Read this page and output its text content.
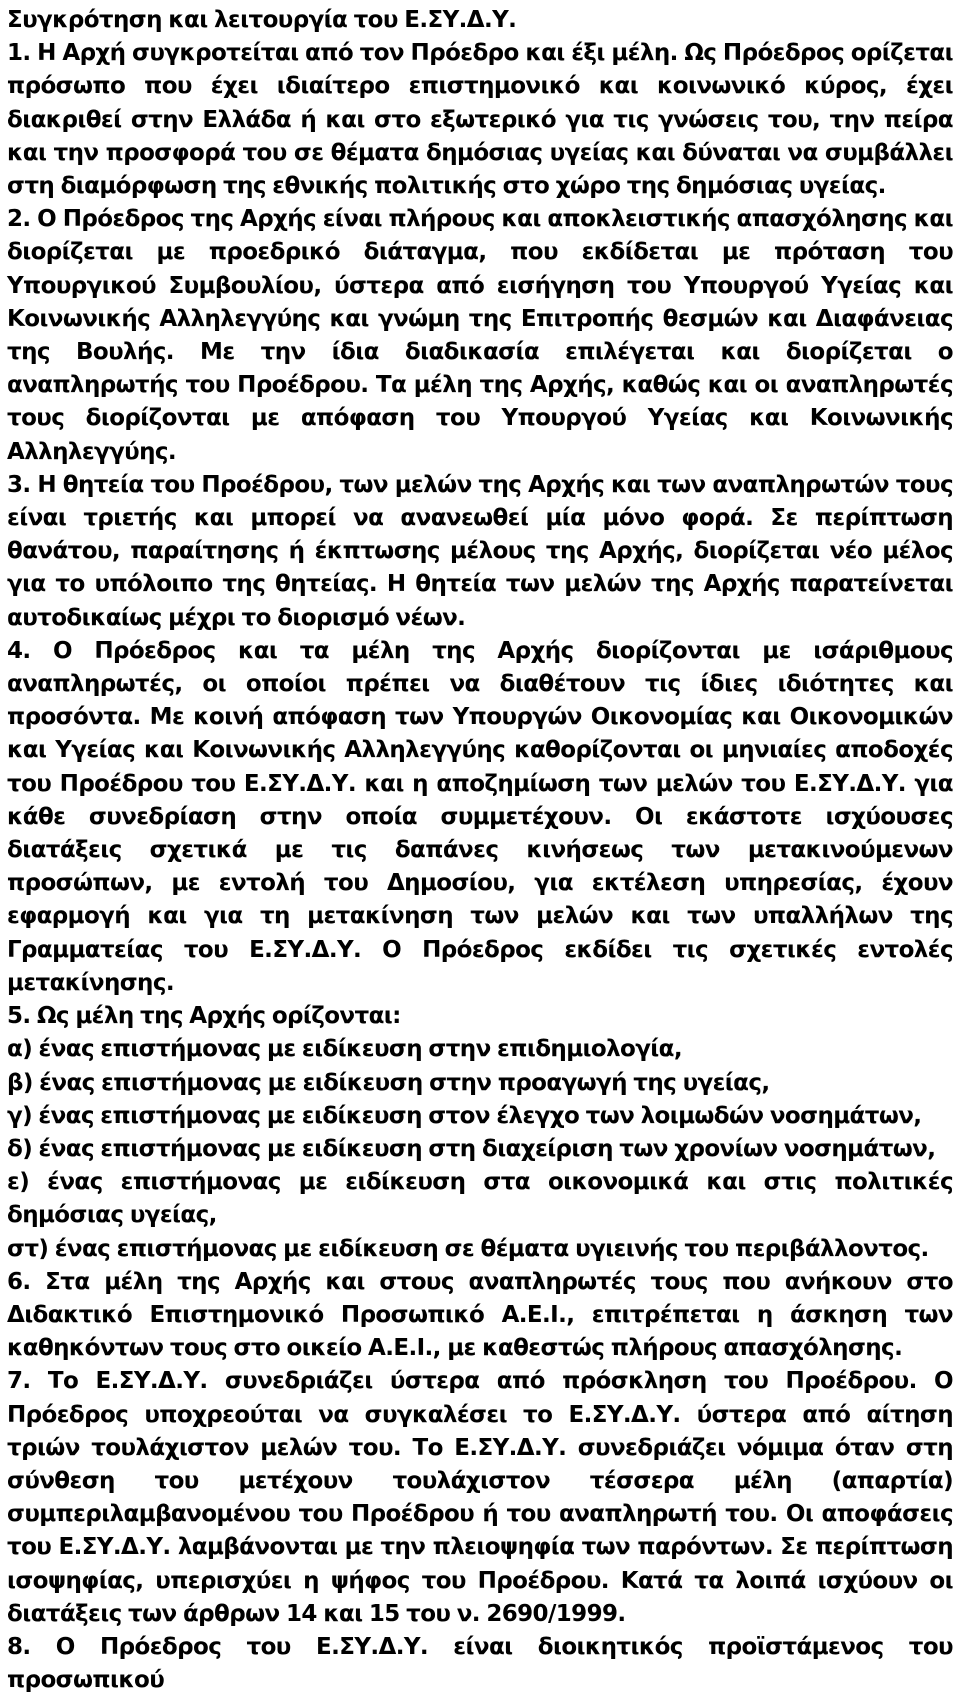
Συγκρότηση και λειτουργία του Ε.ΣΥ.Δ.Υ.

1. Η Αρχή συγκροτείται από τον Πρόεδρο και έξι μέλη. Ως Πρόεδρος ορίζεται πρόσωπο που έχει ιδιαίτερο επιστημονικό και κοινωνικό κύρος, έχει διακριθεί στην Ελλάδα ή και στο εξωτερικό για τις γνώσεις του, την πείρα και την προσφορά του σε θέματα δημόσιας υγείας και δύναται να συμβάλλει στη διαμόρφωση της εθνικής πολιτικής στο χώρο της δημόσιας υγείας.

2. Ο Πρόεδρος της Αρχής είναι πλήρους και αποκλειστικής απασχόλησης και διορίζεται με προεδρικό διάταγμα, που εκδίδεται με πρόταση του Υπουργικού Συμβουλίου, ύστερα από εισήγηση του Υπουργού Υγείας και Κοινωνικής Αλληλεγγύης και γνώμη της Επιτροπής θεσμών και Διαφάνειας της Βουλής. Με την ίδια διαδικασία επιλέγεται και διορίζεται ο αναπληρωτής του Προέδρου. Τα μέλη της Αρχής, καθώς και οι αναπληρωτές τους διορίζονται με απόφαση του Υπουργού Υγείας και Κοινωνικής Αλληλεγγύης.

3. Η θητεία του Προέδρου, των μελών της Αρχής και των αναπληρωτών τους είναι τριετής και μπορεί να ανανεωθεί μία μόνο φορά. Σε περίπτωση θανάτου, παραίτησης ή έκπτωσης μέλους της Αρχής, διορίζεται νέο μέλος για το υπόλοιπο της θητείας. Η θητεία των μελών της Αρχής παρατείνεται αυτοδικαίως μέχρι το διορισμό νέων.

4. Ο Πρόεδρος και τα μέλη της Αρχής διορίζονται με ισάριθμους αναπληρωτές, οι οποίοι πρέπει να διαθέτουν τις ίδιες ιδιότητες και προσόντα. Με κοινή απόφαση των Υπουργών Οικονομίας και Οικονομικών και Υγείας και Κοινωνικής Αλληλεγγύης καθορίζονται οι μηνιαίες αποδοχές του Προέδρου του Ε.ΣΥ.Δ.Υ. και η αποζημίωση των μελών του Ε.ΣΥ.Δ.Υ. για κάθε συνεδρίαση στην οποία συμμετέχουν. Οι εκάστοτε ισχύουσες διατάξεις σχετικά με τις δαπάνες κινήσεως των μετακινούμενων προσώπων, με εντολή του Δημοσίου, για εκτέλεση υπηρεσίας, έχουν εφαρμογή και για τη μετακίνηση των μελών και των υπαλλήλων της Γραμματείας του Ε.ΣΥ.Δ.Υ. Ο Πρόεδρος εκδίδει τις σχετικές εντολές μετακίνησης.

5. Ως μέλη της Αρχής ορίζονται:

α) ένας επιστήμονας με ειδίκευση στην επιδημιολογία,

β) ένας επιστήμονας με ειδίκευση στην προαγωγή της υγείας,

γ) ένας επιστήμονας με ειδίκευση στον έλεγχο των λοιμωδών νοσημάτων,

δ) ένας επιστήμονας με ειδίκευση στη διαχείριση των χρονίων νοσημάτων,

ε) ένας επιστήμονας με ειδίκευση στα οικονομικά και στις πολιτικές δημόσιας υγείας,

στ) ένας επιστήμονας με ειδίκευση σε θέματα υγιεινής του περιβάλλοντος.

6. Στα μέλη της Αρχής και στους αναπληρωτές τους που ανήκουν στο Διδακτικό Επιστημονικό Προσωπικό Α.Ε.Ι., επιτρέπεται η άσκηση των καθηκόντων τους στο οικείο Α.Ε.Ι., με καθεστώς πλήρους απασχόλησης.

7. Το Ε.ΣΥ.Δ.Υ. συνεδριάζει ύστερα από πρόσκληση του Προέδρου. Ο Πρόεδρος υποχρεούται να συγκαλέσει το Ε.ΣΥ.Δ.Υ. ύστερα από αίτηση τριών τουλάχιστον μελών του. Το Ε.ΣΥ.Δ.Υ. συνεδριάζει νόμιμα όταν στη σύνθεση του μετέχουν τουλάχιστον τέσσερα μέλη (απαρτία) συμπεριλαμβανομένου του Προέδρου ή του αναπληρωτή του. Οι αποφάσεις του Ε.ΣΥ.Δ.Υ. λαμβάνονται με την πλειοψηφία των παρόντων. Σε περίπτωση ισοψηφίας, υπερισχύει η ψήφος του Προέδρου. Κατά τα λοιπά ισχύουν οι διατάξεις των άρθρων 14 και 15 του ν. 2690/1999.

8. Ο Πρόεδρος του Ε.ΣΥ.Δ.Υ. είναι διοικητικός προϊστάμενος του προσωπικού
